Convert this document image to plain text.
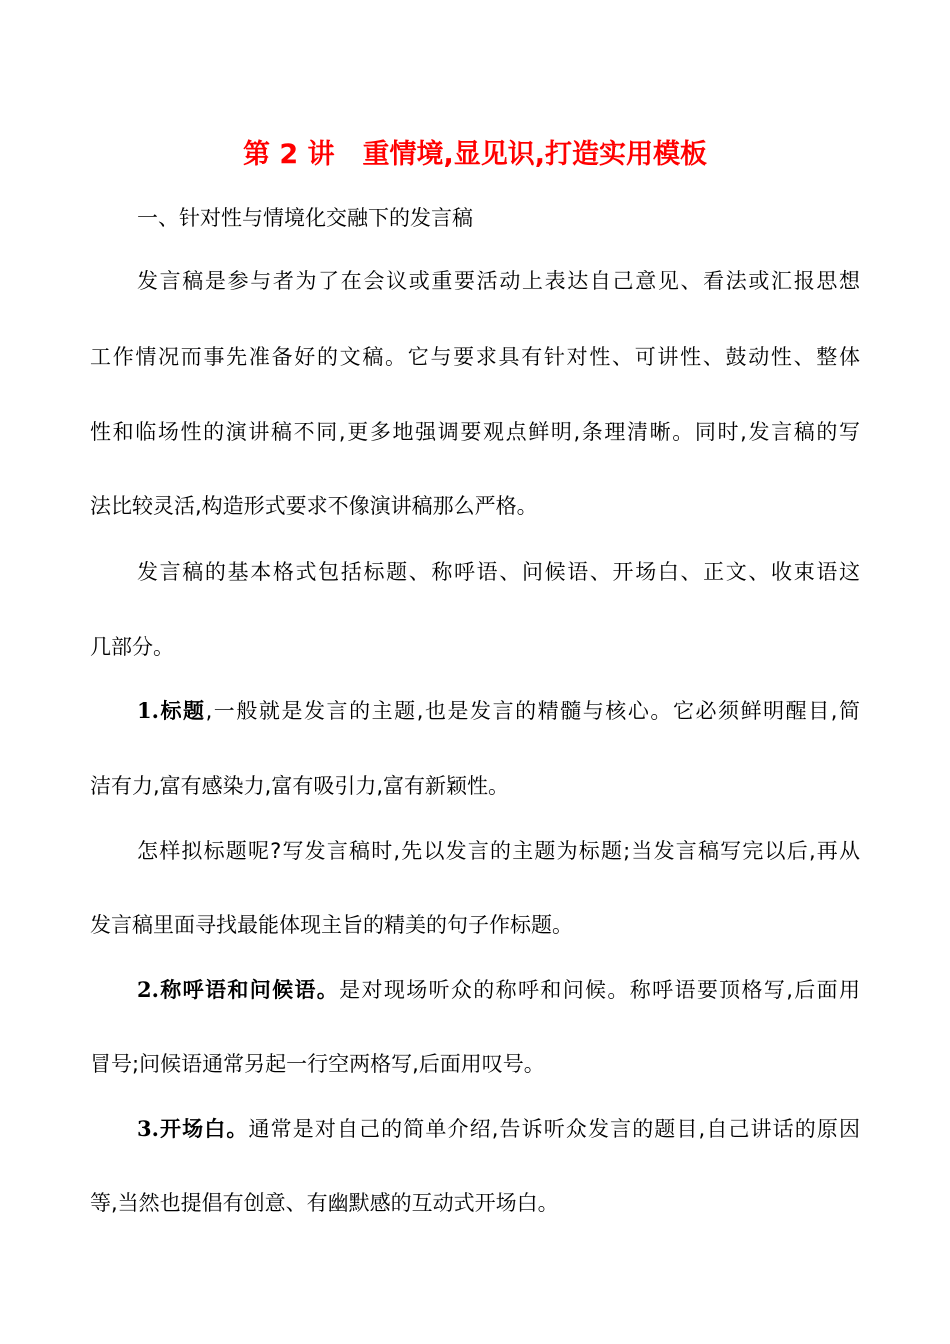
第 2 讲 重情境,显见识,打造实用模板
一、针对性与情境化交融下的发言稿
发言稿是参与者为了在会议或重要活动上表达自己意见、看法或汇报思想
工作情况而事先准备好的文稿。它与要求具有针对性、可讲性、鼓动性、整体
性和临场性的演讲稿不同,更多地强调要观点鲜明,条理清晰。同时,发言稿的写
法比较灵活,构造形式要求不像演讲稿那么严格。
发言稿的基本格式包括标题、称呼语、问候语、开场白、正文、收束语这
几部分。
1.标题,一般就是发言的主题,也是发言的精髓与核心。它必须鲜明醒目,简
洁有力,富有感染力,富有吸引力,富有新颖性。
怎样拟标题呢?写发言稿时,先以发言的主题为标题;当发言稿写完以后,再从
发言稿里面寻找最能体现主旨的精美的句子作标题。
2.称呼语和问候语。是对现场听众的称呼和问候。称呼语要顶格写,后面用
冒号;问候语通常另起一行空两格写,后面用叹号。
3.开场白。通常是对自己的简单介绍,告诉听众发言的题目,自己讲话的原因
等,当然也提倡有创意、有幽默感的互动式开场白。
